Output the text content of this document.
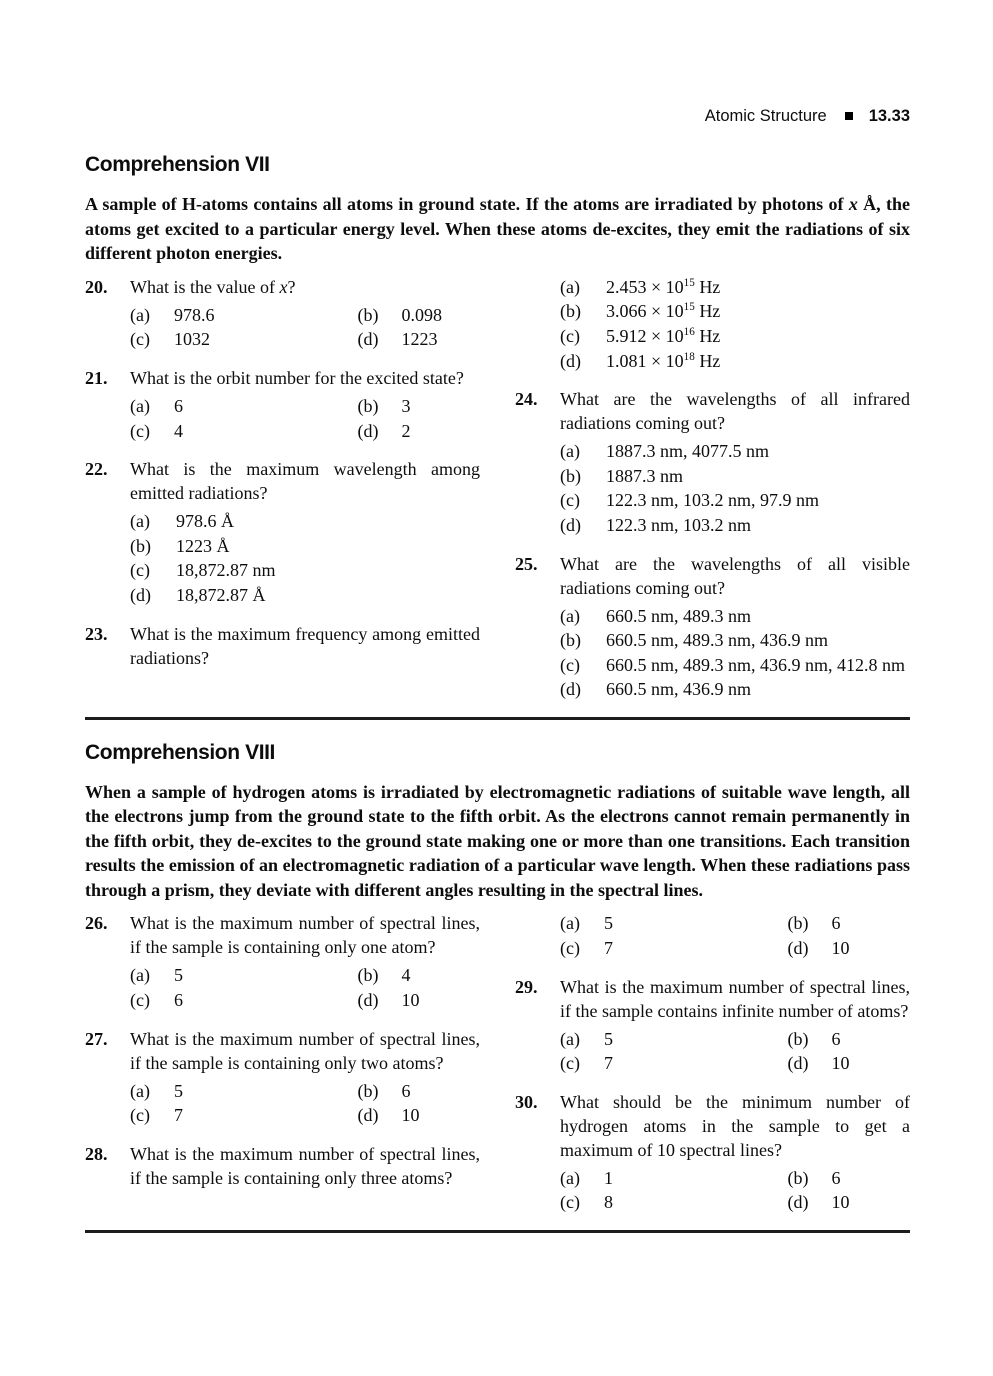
Atomic Structure	13.33
Comprehension VII

A sample of H-atoms contains all atoms in ground state. If the atoms are irradiated by photons of x Å, the atoms get excited to a particular energy level. When these atoms de-excites, they emit the radiations of six different photon energies.

20.	What is the value of x?
(a)	978.6	(b)	0.098
(c)	1032	(d)	1223
21.	What is the orbit number for the excited state?
(a)	6	(b)	3
(c)	4	(d)	2
22.	What is the maximum wavelength among emitted radiations?
(a)	978.6 Å
(b)	1223 Å
(c)	18,872.87 nm
(d)	18,872.87 Å
23.	What is the maximum frequency among emitted radiations?
(a)	$2.453 \times 10^{15}$ Hz
(b)	$3.066 \times 10^{15}$ Hz
(c)	$5.912 \times 10^{16}$ Hz
(d)	$1.081 \times 10^{18}$ Hz
24.	What are the wavelengths of all infrared radiations coming out?
(a)	1887.3 nm, 4077.5 nm
(b)	1887.3 nm
(c)	122.3 nm, 103.2 nm, 97.9 nm
(d)	122.3 nm, 103.2 nm
25.	What are the wavelengths of all visible radiations coming out?
(a)	660.5 nm, 489.3 nm
(b)	660.5 nm, 489.3 nm, 436.9 nm
(c)	660.5 nm, 489.3 nm, 436.9 nm, 412.8 nm
(d)	660.5 nm, 436.9 nm
Comprehension VIII

When a sample of hydrogen atoms is irradiated by electromagnetic radiations of suitable wave length, all the electrons jump from the ground state to the fifth orbit. As the electrons cannot remain permanently in the fifth orbit, they de-excites to the ground state making one or more than one transitions. Each transition results the emission of an electromagnetic radiation of a particular wave length. When these radiations pass through a prism, they deviate with different angles resulting in the spectral lines.

26.	What is the maximum number of spectral lines, if the sample is containing only one atom?
(a)	5	(b)	4
(c)	6	(d)	10
27.	What is the maximum number of spectral lines, if the sample is containing only two atoms?
(a)	5	(b)	6
(c)	7	(d)	10
28.	What is the maximum number of spectral lines, if the sample is containing only three atoms?
(a)	5	(b)	6
(c)	7	(d)	10
29.	What is the maximum number of spectral lines, if the sample contains infinite number of atoms?
(a)	5	(b)	6
(c)	7	(d)	10
30.	What should be the minimum number of hydrogen atoms in the sample to get a maximum of 10 spectral lines?
(a)	1	(b)	6
(c)	8	(d)	10
